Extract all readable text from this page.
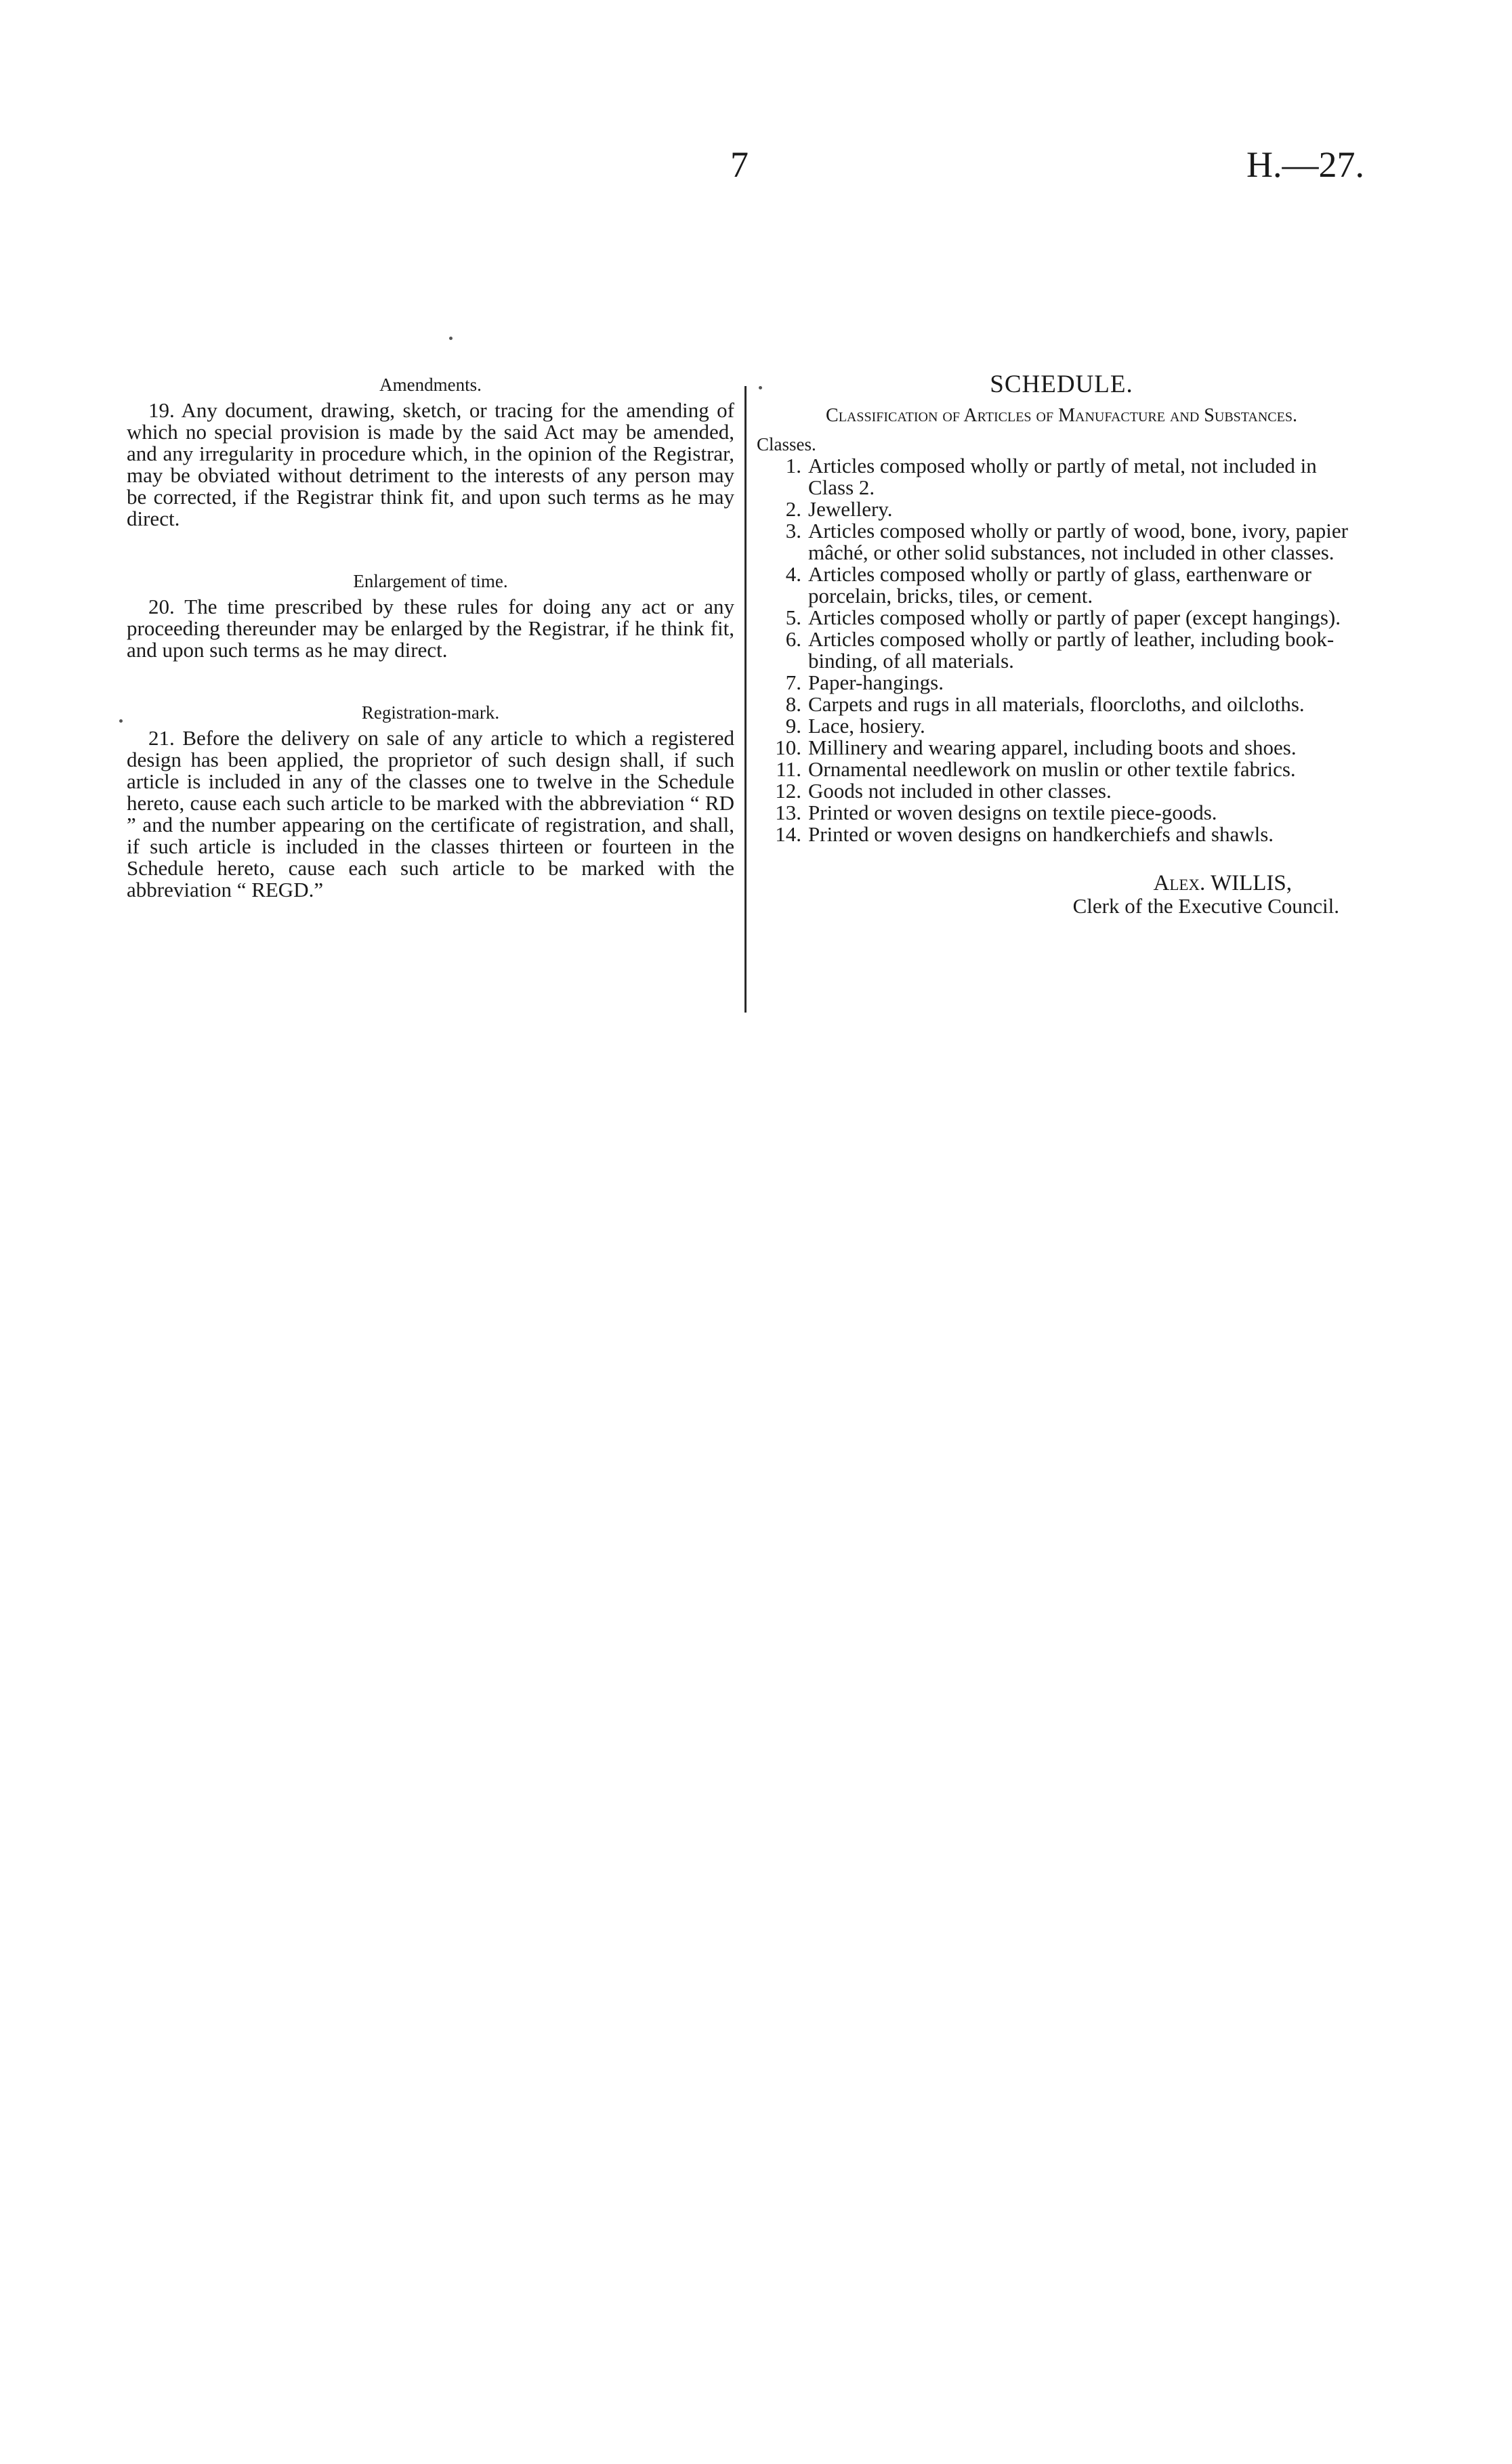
7	H.—27.

Amendments.

19. Any document, drawing, sketch, or tracing for the amending of which no special provision is made by the said Act may be amended, and any irregularity in procedure which, in the opinion of the Registrar, may be obviated without detriment to the interests of any person may be corrected, if the Registrar think fit, and upon such terms as he may direct.

Enlargement of time.

20. The time prescribed by these rules for doing any act or any proceeding thereunder may be enlarged by the Registrar, if he think fit, and upon such terms as he may direct.

Registration-mark.

21. Before the delivery on sale of any article to which a registered design has been applied, the proprietor of such design shall, if such article is included in any of the classes one to twelve in the Schedule hereto, cause each such article to be marked with the abbreviation “ RD ” and the number appearing on the certificate of registration, and shall, if such article is included in the classes thirteen or fourteen in the Schedule hereto, cause each such article to be marked with the abbreviation “ REGD.”

SCHEDULE.

Classification of Articles of Manufacture and Substances.

Classes.

1. Articles composed wholly or partly of metal, not included in Class 2.
2. Jewellery.
3. Articles composed wholly or partly of wood, bone, ivory, papier mâché, or other solid substances, not included in other classes.
4. Articles composed wholly or partly of glass, earthenware or porcelain, bricks, tiles, or cement.
5. Articles composed wholly or partly of paper (except hangings).
6. Articles composed wholly or partly of leather, including book-binding, of all materials.
7. Paper-hangings.
8. Carpets and rugs in all materials, floorcloths, and oilcloths.
9. Lace, hosiery.
10. Millinery and wearing apparel, including boots and shoes.
11. Ornamental needlework on muslin or other textile fabrics.
12. Goods not included in other classes.
13. Printed or woven designs on textile piece-goods.
14. Printed or woven designs on handkerchiefs and shawls.

Alex. WILLIS,

Clerk of the Executive Council.
